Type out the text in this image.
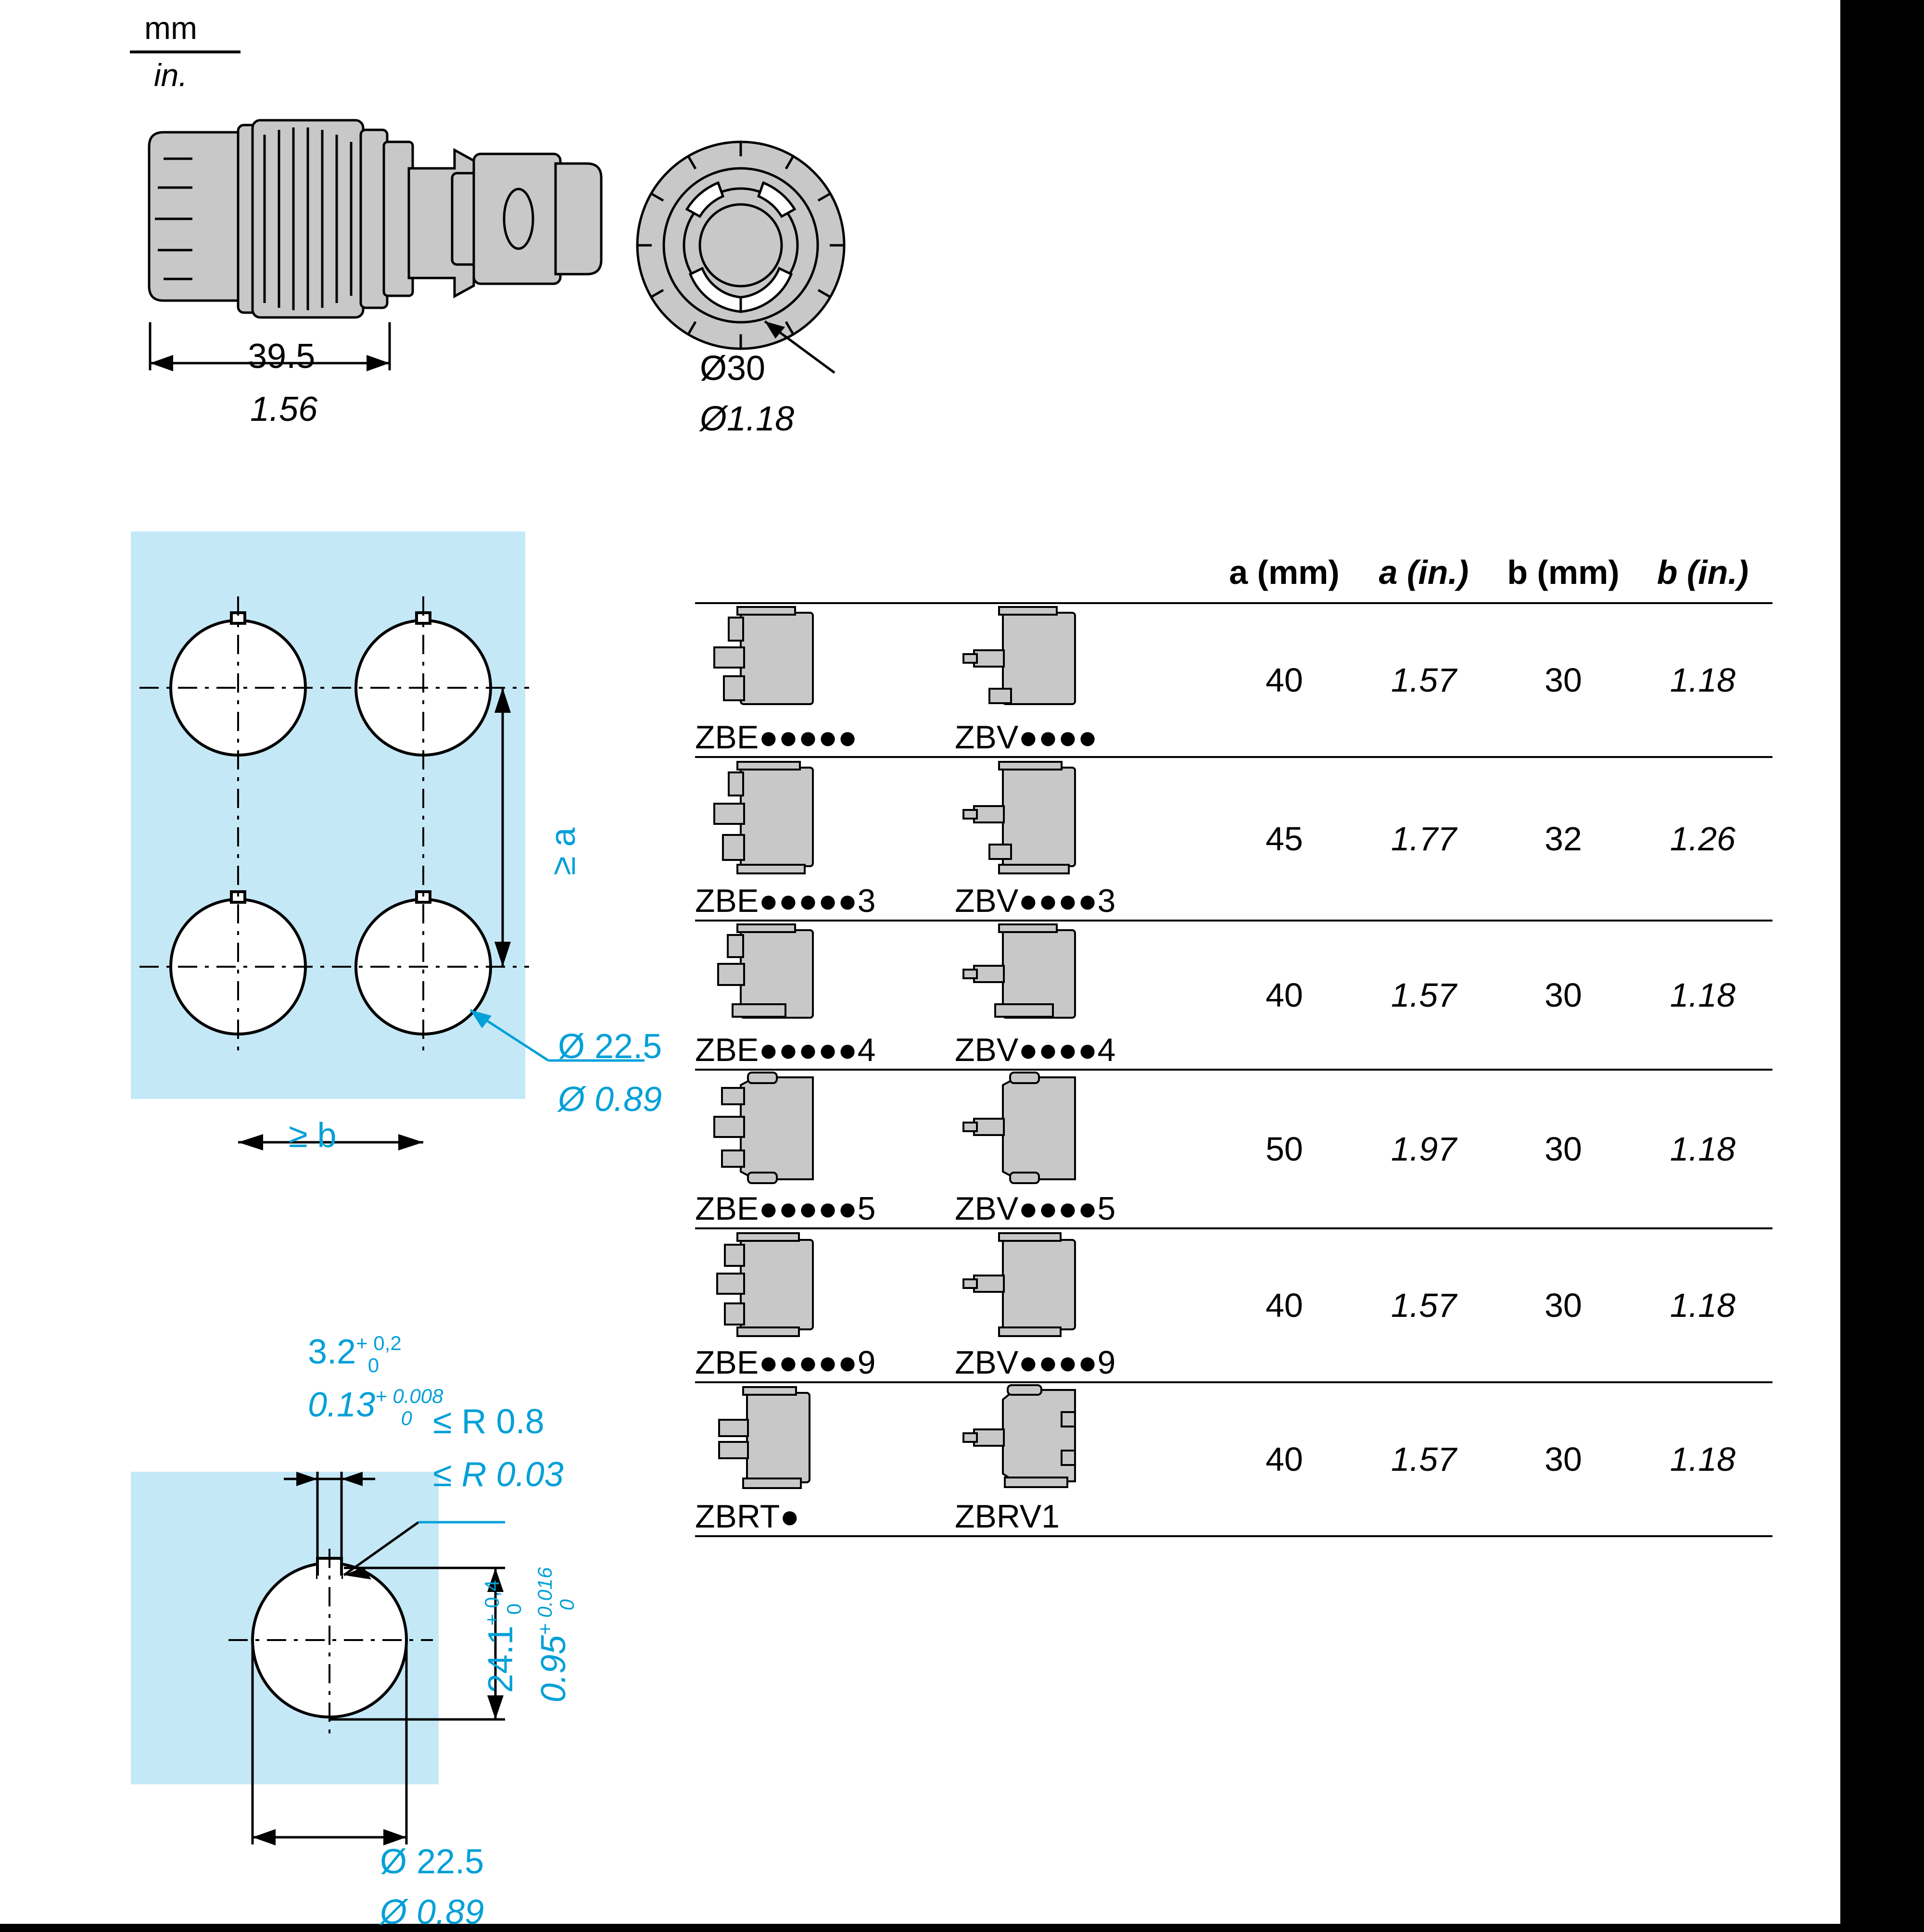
mm
in.
39.5
1.56
Ø30
Ø1.18
≥ a
≥ b
Ø 22.5
Ø 0.89
3.2+ 0,20
0.13+ 0.0080 ≤ R 0.8
≤ R 0.03
24.1+ 0,40
0.95+ 0.0160
Ø 22.5
Ø 0.89
		a (mm)	a (in.)	b (mm)	b (in.)

ZBE●●●●●	ZBV●●●●	40	1.57	30	1.18

ZBE●●●●●3	ZBV●●●●3	45	1.77	32	1.26

ZBE●●●●●4	ZBV●●●●4	40	1.57	30	1.18

ZBE●●●●●5	ZBV●●●●5	50	1.97	30	1.18

ZBE●●●●●9	ZBV●●●●9	40	1.57	30	1.18

ZBRT●	ZBRV1	40	1.57	30	1.18
